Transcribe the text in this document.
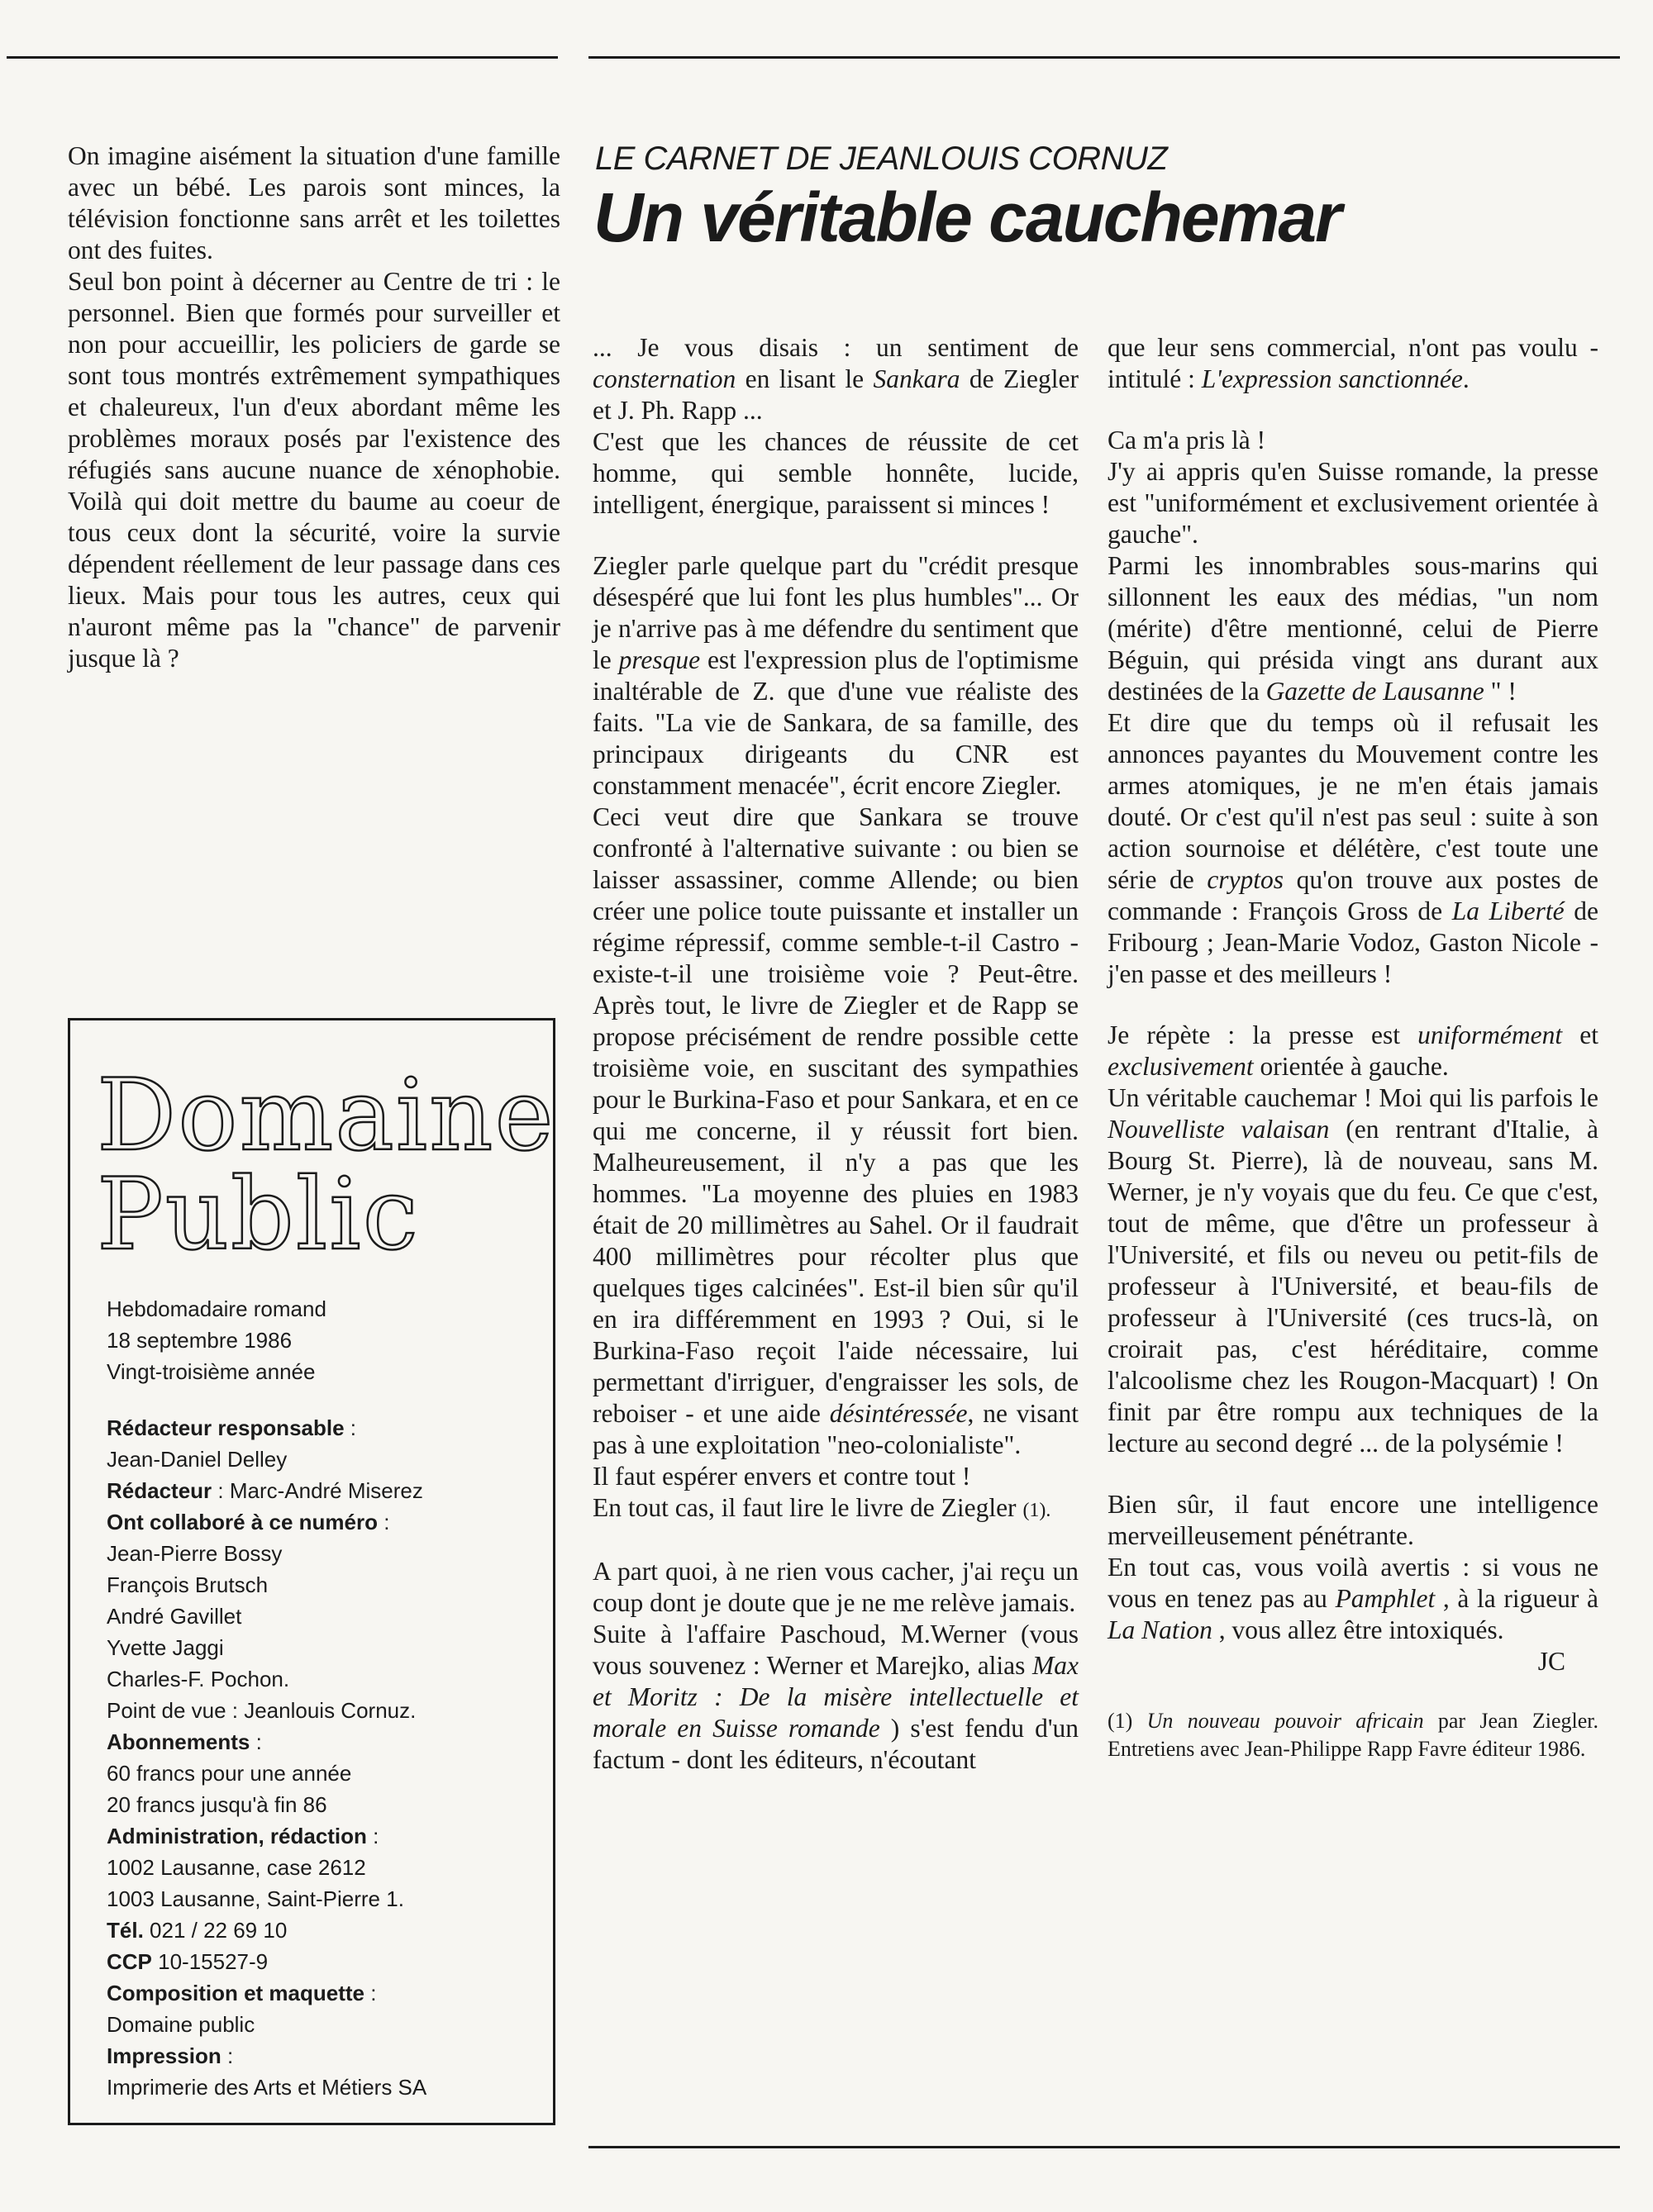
On imagine aisément la situation d'une famille avec un bébé. Les parois sont minces, la télévision fonctionne sans arrêt et les toilettes ont des fuites.

Seul bon point à décerner au Centre de tri : le personnel. Bien que formés pour surveiller et non pour accueillir, les policiers de garde se sont tous montrés extrêmement sympathiques et chaleureux, l'un d'eux abordant même les problèmes moraux posés par l'existence des réfugiés sans aucune nuance de xénophobie. Voilà qui doit mettre du baume au coeur de tous ceux dont la sécurité, voire la survie dépendent réellement de leur passage dans ces lieux. Mais pour tous les autres, ceux qui n'auront même pas la "chance" de parvenir jusque là ?

LE CARNET DE JEANLOUIS CORNUZ
Un véritable cauchemar
Domaine
Public
Hebdomadaire romand
18 septembre 1986
Vingt-troisième année
Rédacteur responsable :
Jean-Daniel Delley
Rédacteur : Marc-André Miserez
Ont collaboré à ce numéro :
Jean-Pierre Bossy
François Brutsch
André Gavillet
Yvette Jaggi
Charles-F. Pochon.
Point de vue : Jeanlouis Cornuz.
Abonnements :
60 francs pour une année
20 francs jusqu'à fin 86
Administration, rédaction :
1002 Lausanne, case 2612
1003 Lausanne, Saint-Pierre 1.
Tél. 021 / 22 69 10
CCP 10-15527-9
Composition et maquette :
Domaine public
Impression :
Imprimerie des Arts et Métiers SA

... Je vous disais : un sentiment de consternation en lisant le Sankara de Ziegler et J. Ph. Rapp ...

C'est que les chances de réussite de cet homme, qui semble honnête, lucide, intelligent, énergique, paraissent si minces !

Ziegler parle quelque part du "crédit presque désespéré que lui font les plus humbles"... Or je n'arrive pas à me défendre du sentiment que le presque est l'expression plus de l'optimisme inaltérable de Z. que d'une vue réaliste des faits. "La vie de Sankara, de sa famille, des principaux dirigeants du CNR est constamment menacée", écrit encore Ziegler.

Ceci veut dire que Sankara se trouve confronté à l'alternative suivante : ou bien se laisser assassiner, comme Allende; ou bien créer une police toute puissante et installer un régime répressif, comme semble-t-il Castro - existe-t-il une troisième voie ? Peut-être. Après tout, le livre de Ziegler et de Rapp se propose précisément de rendre possible cette troisième voie, en suscitant des sympathies pour le Burkina-Faso et pour Sankara, et en ce qui me concerne, il y réussit fort bien. Malheureusement, il n'y a pas que les hommes. "La moyenne des pluies en 1983 était de 20 millimètres au Sahel. Or il faudrait 400 millimètres pour récolter plus que quelques tiges calcinées". Est-il bien sûr qu'il en ira différemment en 1993 ? Oui, si le Burkina-Faso reçoit l'aide nécessaire, lui permettant d'irriguer, d'engraisser les sols, de reboiser - et une aide désintéressée, ne visant pas à une exploitation "neo-colonialiste".

Il faut espérer envers et contre tout !

En tout cas, il faut lire le livre de Ziegler (1).

A part quoi, à ne rien vous cacher, j'ai reçu un coup dont je doute que je ne me relève jamais.

Suite à l'affaire Paschoud, M.Werner (vous vous souvenez : Werner et Marejko, alias Max et Moritz : De la misère intellectuelle et morale en Suisse romande ) s'est fendu d'un factum - dont les éditeurs, n'écoutant

que leur sens commercial, n'ont pas voulu - intitulé : L'expression sanctionnée.

Ca m'a pris là !

J'y ai appris qu'en Suisse romande, la presse est "uniformément et exclusivement orientée à gauche".

Parmi les innombrables sous-marins qui sillonnent les eaux des médias, "un nom (mérite) d'être mentionné, celui de Pierre Béguin, qui présida vingt ans durant aux destinées de la Gazette de Lausanne " !

Et dire que du temps où il refusait les annonces payantes du Mouvement contre les armes atomiques, je ne m'en étais jamais douté. Or c'est qu'il n'est pas seul : suite à son action sournoise et délétère, c'est toute une série de cryptos qu'on trouve aux postes de commande : François Gross de La Liberté de Fribourg ; Jean-Marie Vodoz, Gaston Nicole - j'en passe et des meilleurs !

Je répète : la presse est uniformément et exclusivement orientée à gauche.

Un véritable cauchemar ! Moi qui lis parfois le Nouvelliste valaisan (en rentrant d'Italie, à Bourg St. Pierre), là de nouveau, sans M. Werner, je n'y voyais que du feu. Ce que c'est, tout de même, que d'être un professeur à l'Université, et fils ou neveu ou petit-fils de professeur à l'Université, et beau-fils de professeur à l'Université (ces trucs-là, on croirait pas, c'est héréditaire, comme l'alcoolisme chez les Rougon-Macquart) ! On finit par être rompu aux techniques de la lecture au second degré ... de la polysémie !

Bien sûr, il faut encore une intelligence merveilleusement pénétrante.

En tout cas, vous voilà avertis : si vous ne vous en tenez pas au Pamphlet , à la rigueur à La Nation , vous allez être intoxiqués.

JC

(1) Un nouveau pouvoir africain par Jean Ziegler. Entretiens avec Jean-Philippe Rapp Favre éditeur 1986.
